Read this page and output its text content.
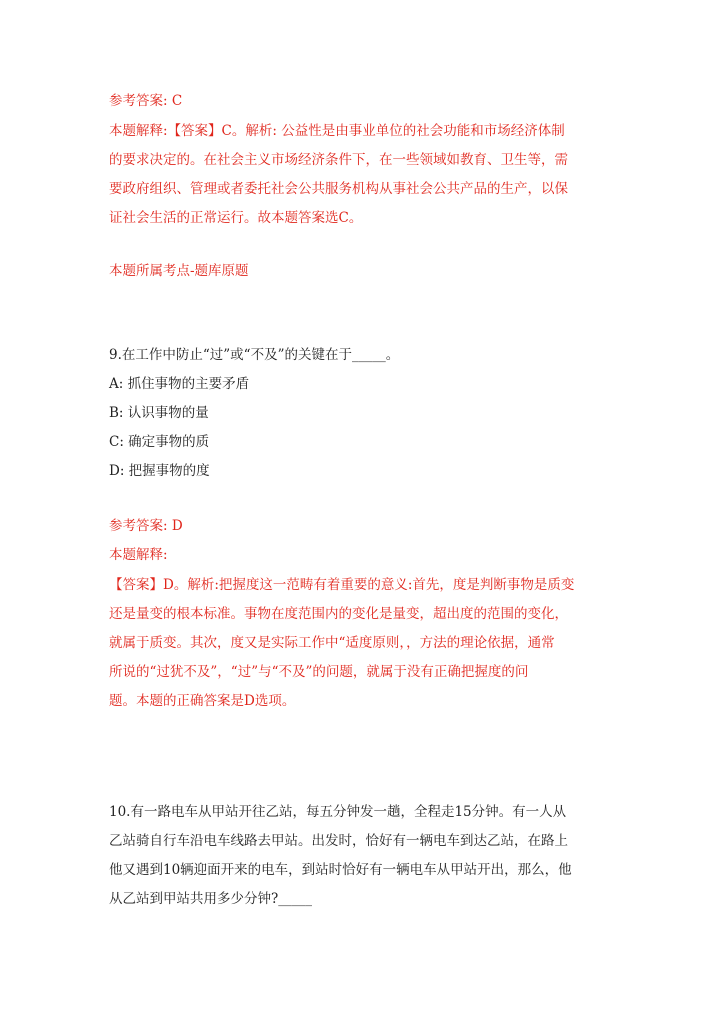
参考答案: C
本题解释:【答案】C。解析: 公益性是由事业单位的社会功能和市场经济体制
的要求决定的。在社会主义市场经济条件下，在一些领域如教育、卫生等，需
要政府组织、管理或者委托社会公共服务机构从事社会公共产品的生产，以保
证社会生活的正常运行。故本题答案选C。
本题所属考点-题库原题
9.在工作中防止“过”或“不及”的关键在于_____。
A: 抓住事物的主要矛盾
B: 认识事物的量
C: 确定事物的质
D: 把握事物的度
参考答案: D
本题解释:
【答案】D。解析:把握度这一范畴有着重要的意义:首先，度是判断事物是质变
还是量变的根本标准。事物在度范围内的变化是量变，超出度的范围的变化，
就属于质变。其次，度又是实际工作中“适度原则，，方法的理论依据，通常
所说的“过犹不及”，“过”与“不及”的问题，就属于没有正确把握度的问
题。本题的正确答案是D选项。
10.有一路电车从甲站开往乙站，每五分钟发一趟，全程走15分钟。有一人从
乙站骑自行车沿电车线路去甲站。出发时，恰好有一辆电车到达乙站，在路上
他又遇到10辆迎面开来的电车，到站时恰好有一辆电车从甲站开出，那么，他
从乙站到甲站共用多少分钟?_____
